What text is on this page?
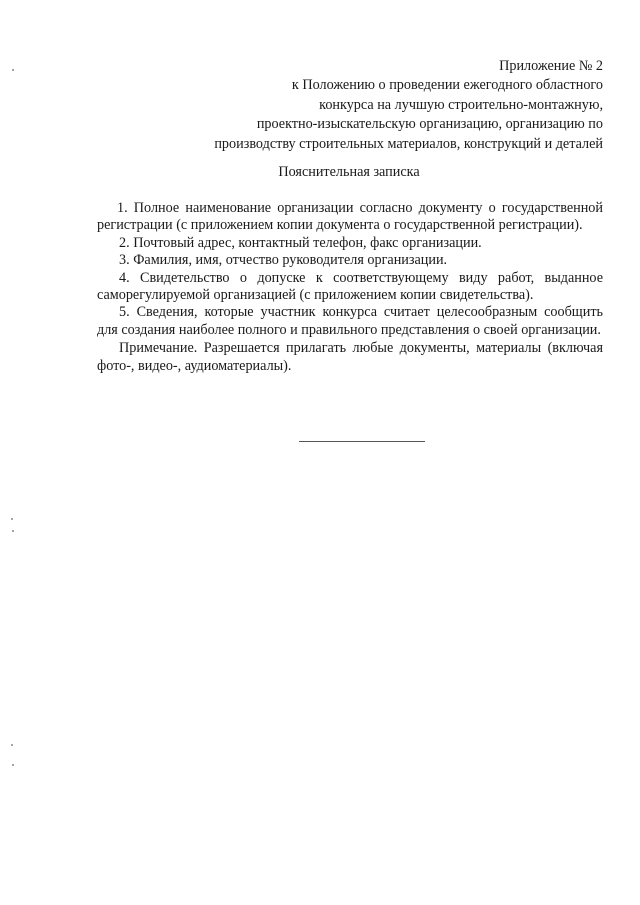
Приложение № 2
к Положению о проведении ежегодного областного
конкурса на лучшую строительно-монтажную,
проектно-изыскательскую организацию, организацию по
производству строительных материалов, конструкций и деталей
Пояснительная записка

1. Полное наименование организации согласно документу о государственной регистрации (с приложением копии документа о государственной регистрации).

2. Почтовый адрес, контактный телефон, факс организации.

3. Фамилия, имя, отчество руководителя организации.

4. Свидетельство о допуске к соответствующему виду работ, выданное саморегулируемой организацией (с приложением копии свидетельства).

5. Сведения, которые участник конкурса считает целесообразным сообщить для создания наиболее полного и правильного представления о своей организации.

Примечание. Разрешается прилагать любые документы, материалы (включая фото-, видео-, аудиоматериалы).
